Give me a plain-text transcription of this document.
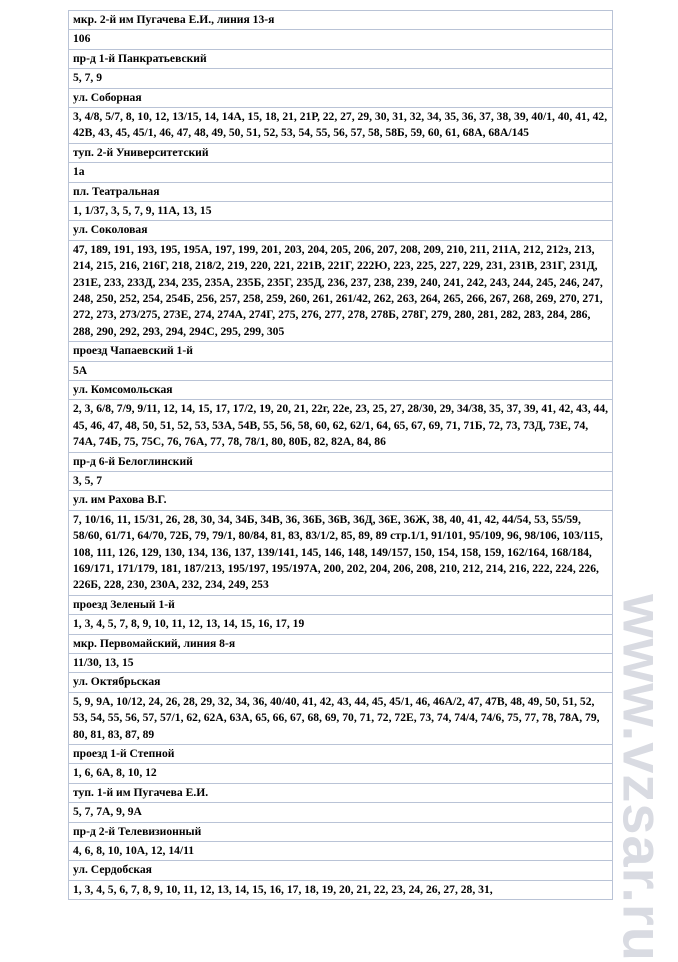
мкр. 2-й им Пугачева Е.И., линия 13-я
106
пр-д 1-й Панкратьевский
5, 7, 9
ул. Соборная
3, 4/8, 5/7, 8, 10, 12, 13/15, 14, 14А, 15, 18, 21, 21Р, 22, 27, 29, 30, 31, 32, 34, 35, 36, 37, 38, 39, 40/1, 40, 41, 42, 42В, 43, 45, 45/1, 46, 47, 48, 49, 50, 51, 52, 53, 54, 55, 56, 57, 58, 58Б, 59, 60, 61, 68А, 68А/145
туп. 2-й Университетский
1а
пл. Театральная
1, 1/37, 3, 5, 7, 9, 11А, 13, 15
ул. Соколовая
47, 189, 191, 193, 195, 195А, 197, 199, 201, 203, 204, 205, 206, 207, 208, 209, 210, 211, 211А, 212, 212з, 213, 214, 215, 216, 216Г, 218, 218/2, 219, 220, 221, 221В, 221Г, 222Ю, 223, 225, 227, 229, 231, 231В, 231Г, 231Д, 231Е, 233, 233Д, 234, 235, 235А, 235Б, 235Г, 235Д, 236, 237, 238, 239, 240, 241, 242, 243, 244, 245, 246, 247, 248, 250, 252, 254, 254Б, 256, 257, 258, 259, 260, 261, 261/42, 262, 263, 264, 265, 266, 267, 268, 269, 270, 271, 272, 273, 273/275, 273Е, 274, 274А, 274Г, 275, 276, 277, 278, 278Б, 278Г, 279, 280, 281, 282, 283, 284, 286, 288, 290, 292, 293, 294, 294С, 295, 299, 305
проезд Чапаевский 1-й
5А
ул. Комсомольская
2, 3, 6/8, 7/9, 9/11, 12, 14, 15, 17, 17/2, 19, 20, 21, 22г, 22е, 23, 25, 27, 28/30, 29, 34/38, 35, 37, 39, 41, 42, 43, 44, 45, 46, 47, 48, 50, 51, 52, 53, 53А, 54В, 55, 56, 58, 60, 62, 62/1, 64, 65, 67, 69, 71, 71Б, 72, 73, 73Д, 73Е, 74, 74А, 74Б, 75, 75С, 76, 76А, 77, 78, 78/1, 80, 80Б, 82, 82А, 84, 86
пр-д 6-й Белоглинский
3, 5, 7
ул. им Рахова В.Г.
7, 10/16, 11, 15/31, 26, 28, 30, 34, 34Б, 34В, 36, 36Б, 36В, 36Д, 36Е, 36Ж, 38, 40, 41, 42, 44/54, 53, 55/59, 58/60, 61/71, 64/70, 72Б, 79, 79/1, 80/84, 81, 83, 83/1/2, 85, 89, 89 стр.1/1, 91/101, 95/109, 96, 98/106, 103/115, 108, 111, 126, 129, 130, 134, 136, 137, 139/141, 145, 146, 148, 149/157, 150, 154, 158, 159, 162/164, 168/184, 169/171, 171/179, 181, 187/213, 195/197, 195/197А, 200, 202, 204, 206, 208, 210, 212, 214, 216, 222, 224, 226, 226Б, 228, 230, 230А, 232, 234, 249, 253
проезд Зеленый 1-й
1, 3, 4, 5, 7, 8, 9, 10, 11, 12, 13, 14, 15, 16, 17, 19
мкр. Первомайский, линия 8-я
11/30, 13, 15
ул. Октябрьская
5, 9, 9А, 10/12, 24, 26, 28, 29, 32, 34, 36, 40/40, 41, 42, 43, 44, 45, 45/1, 46, 46А/2, 47, 47В, 48, 49, 50, 51, 52, 53, 54, 55, 56, 57, 57/1, 62, 62А, 63А, 65, 66, 67, 68, 69, 70, 71, 72, 72Е, 73, 74, 74/4, 74/6, 75, 77, 78, 78А, 79, 80, 81, 83, 87, 89
проезд 1-й Степной
1, 6, 6А, 8, 10, 12
туп. 1-й им Пугачева Е.И.
5, 7, 7А, 9, 9А
пр-д 2-й Телевизионный
4, 6, 8, 10, 10А, 12, 14/11
ул. Сердобская
1, 3, 4, 5, 6, 7, 8, 9, 10, 11, 12, 13, 14, 15, 16, 17, 18, 19, 20, 21, 22, 23, 24, 26, 27, 28, 31,	www.vzsar.ru
